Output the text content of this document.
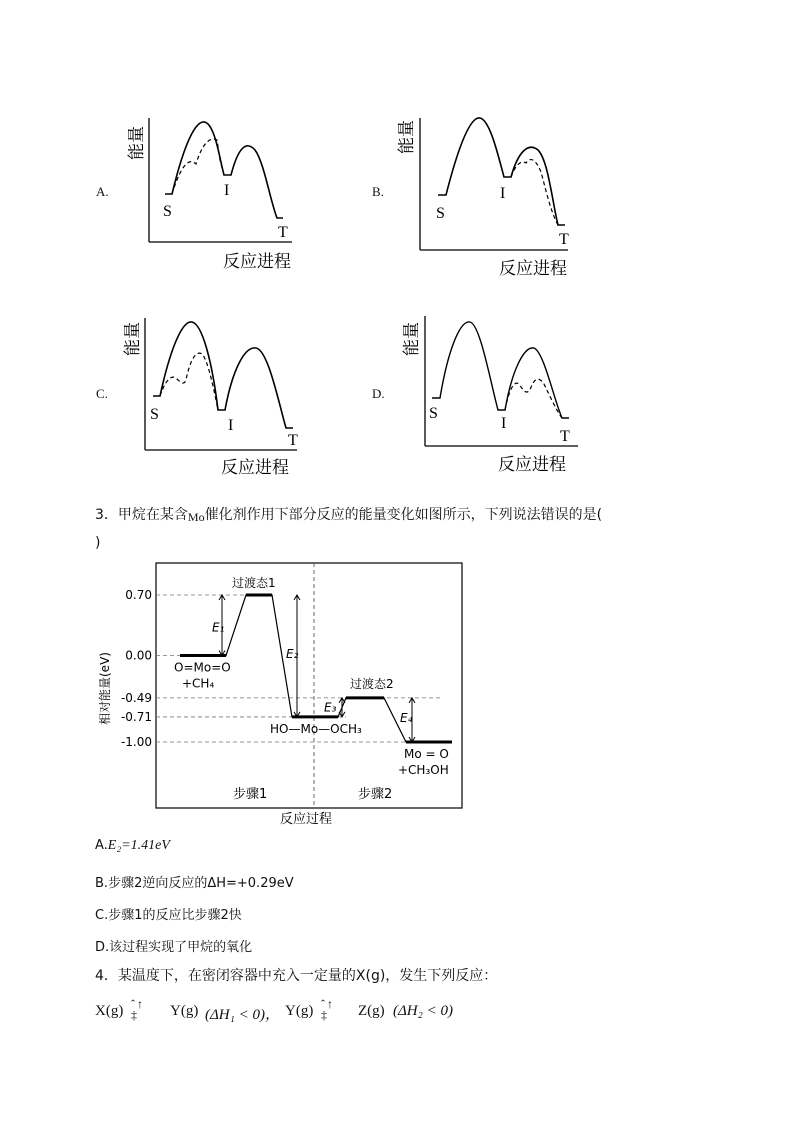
A.
能量
反应进程
S
I
T
B.
能量
反应进程
S
I
T
C.
能量
反应进程
S
I
T
D.
能量
反应进程
S
I
T
3．甲烷在某含Mo催化剂作用下部分反应的能量变化如图所示，下列说法错误的是(
)
相对能量(eV)
反应过程
步骤1	步骤2
0.70
0.00
-0.49
-0.71
-1.00
E₁
E₂
E₃
E₄
过渡态1
过渡态2
O=Mo=O
+CH₄
HO—Mo—OCH₃
Mo = O
+CH₃OH
A.E₂=1.41eV
B.步骤2逆向反应的ΔH=+0.29eV
C.步骤1的反应比步骤2快
D.该过程实现了甲烷的氧化
4．某温度下，在密闭容器中充入一定量的X(g)，发生下列反应：
X(g) ˆ ↑
‡	Y(g) (ΔH₁ < 0)， Y(g) ˆ ↑
‡	Z(g) (ΔH₂ < 0)
